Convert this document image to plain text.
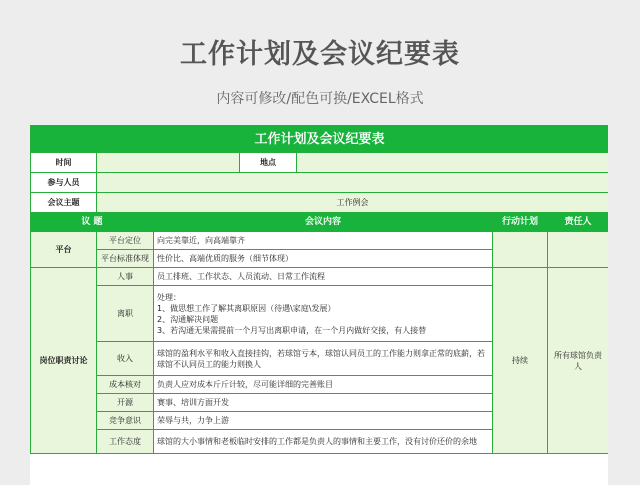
工作计划及会议纪要表
内容可修改/配色可换/EXCEL格式
工作计划及会议纪要表						
时间			地点			
参与人员						
会议主题	工作例会					
议 题		会议内容			行动计划	责任人
平台	平台定位	向完美靠近，向高端靠齐				
	平台标准体现	性价比、高端优质的服务（细节体现）				
岗位职责讨论	人事	员工排班、工作状态、人员流动、日常工作流程			持续	所有球馆负责人
	离职	处理：
1、做思想工作了解其离职原因（待遇\家庭\发展）
2、沟通解决问题
3、若沟通无果需提前一个月写出离职申请，在一个月内做好交接，有人接替				

	收入	球馆的盈利水平和收入直接挂钩，若球馆亏本，球馆认同员工的工作能力则拿正常的底薪，若球馆不认同员工的能力则换人				
	成本核对	负责人应对成本斤斤计较，尽可能详细的完善账目				
	开源	赛事、培训方面开发				
	竞争意识	荣辱与共，力争上游				
	工作态度	球馆的大小事情和老板临时安排的工作都是负责人的事情和主要工作，没有讨价还价的余地				
